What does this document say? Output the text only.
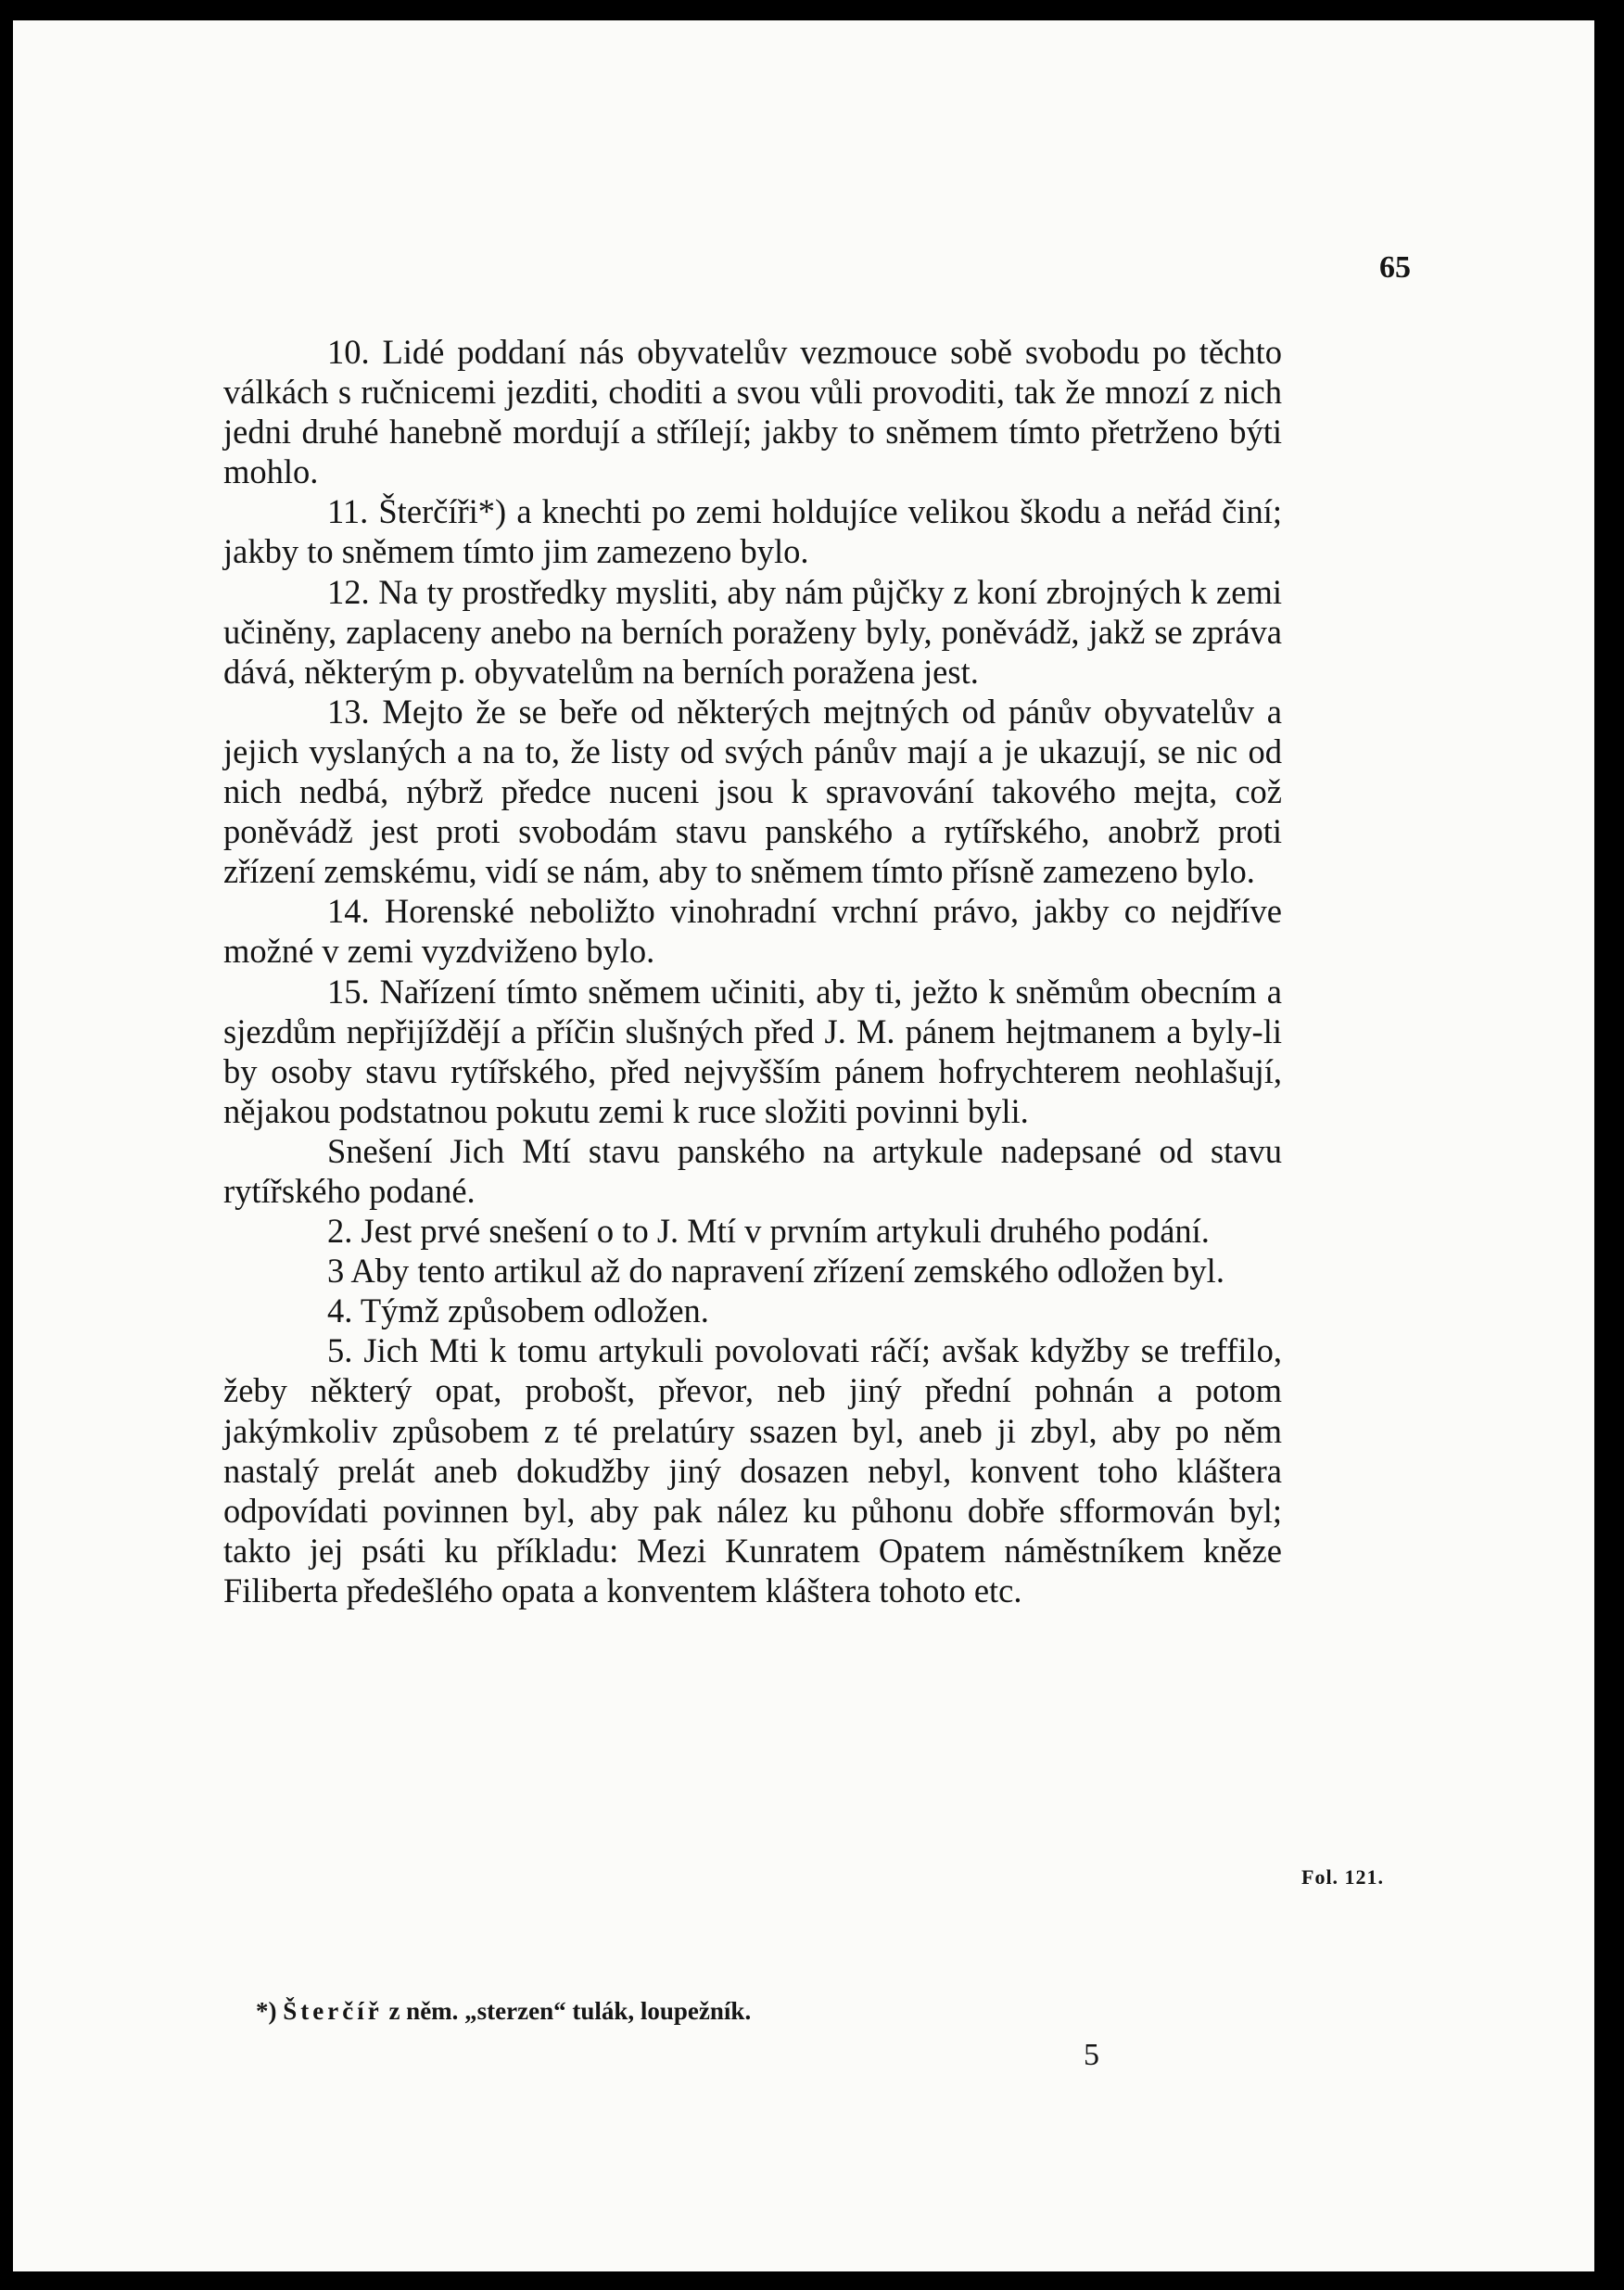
65

10. Lidé poddaní nás obyvatelův vezmouce sobě svobodu po těchto válkách s ručnicemi jezditi, choditi a svou vůli provoditi, tak že mnozí z nich jedni druhé hanebně mordují a střílejí; jakby to sněmem tímto přetrženo býti mohlo.

11. Šterčíři*) a knechti po zemi holdujíce velikou škodu a neřád činí; jakby to sněmem tímto jim zamezeno bylo.

12. Na ty prostředky mysliti, aby nám půjčky z koní zbrojných k zemi učiněny, zaplaceny anebo na berních poraženy byly, poněvádž, jakž se zpráva dává, některým p. obyvatelům na berních poražena jest.

13. Mejto že se beře od některých mejtných od pánův obyvatelův a jejich vyslaných a na to, že listy od svých pánův mají a je ukazují, se nic od nich nedbá, nýbrž předce nuceni jsou k spravování takového mejta, což poněvádž jest proti svobodám stavu panského a rytířského, anobrž proti zřízení zemskému, vidí se nám, aby to sněmem tímto přísně zamezeno bylo.

14. Horenské neboližto vinohradní vrchní právo, jakby co nejdříve možné v zemi vyzdviženo bylo.

15. Nařízení tímto sněmem učiniti, aby ti, ježto k sněmům obecním a sjezdům nepřijíždějí a příčin slušných před J. M. pánem hejtmanem a byly-li by osoby stavu rytířského, před nejvyšším pánem hofrychterem neohlašují, nějakou podstatnou pokutu zemi k ruce složiti povinni byli.

Snešení Jich Mtí stavu panského na artykule nadepsané od stavu rytířského podané.

2. Jest prvé snešení o to J. Mtí v prvním artykuli druhého podání.

3 Aby tento artikul až do napravení zřízení zemského odložen byl.

4. Týmž způsobem odložen.

5. Jich Mti k tomu artykuli povolovati ráčí; avšak kdyžby se treffilo, žeby některý opat, probošt, převor, neb jiný přední pohnán a potom jakýmkoliv způsobem z té prelatúry ssazen byl, aneb ji zbyl, aby po něm nastalý prelát aneb dokudžby jiný dosazen nebyl, konvent toho kláštera odpovídati povinnen byl, aby pak nález ku půhonu dobře sfformován byl; takto jej psáti ku příkladu: Mezi Kunratem Opatem náměstníkem kněze Filiberta předešlého opata a konventem kláštera tohoto etc.

Fol. 121.

*) Šterčíř z něm. „sterzen“ tulák, loupežník.

5
